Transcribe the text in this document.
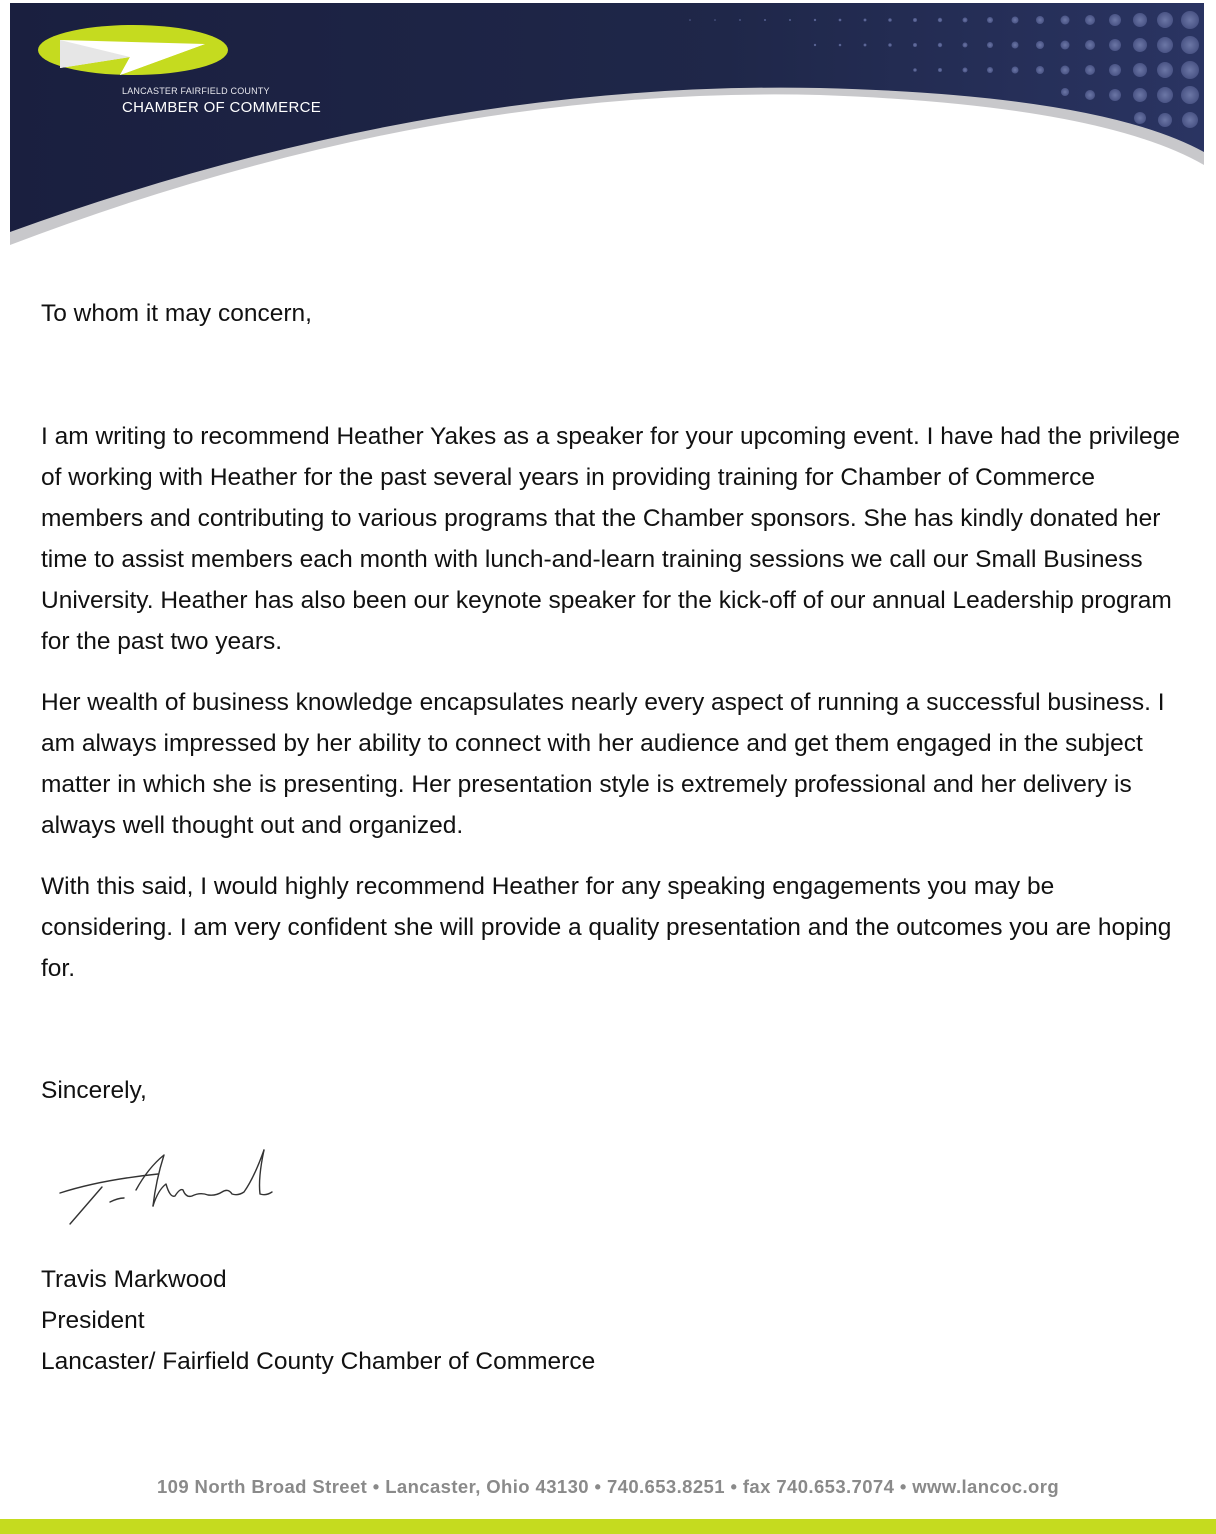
LANCASTER FAIRFIELD COUNTY
CHAMBER OF COMMERCE
To whom it may concern,

I am writing to recommend Heather Yakes as a speaker for your upcoming event. I have had the privilege of working with Heather for the past several years in providing training for Chamber of Commerce members and contributing to various programs that the Chamber sponsors. She has kindly donated her time to assist members each month with lunch-and-learn training sessions we call our Small Business University. Heather has also been our keynote speaker for the kick-off of our annual Leadership program for the past two years.

Her wealth of business knowledge encapsulates nearly every aspect of running a successful business. I am always impressed by her ability to connect with her audience and get them engaged in the subject matter in which she is presenting. Her presentation style is extremely professional and her delivery is always well thought out and organized.

With this said, I would highly recommend Heather for any speaking engagements you may be considering. I am very confident she will provide a quality presentation and the outcomes you are hoping for.

Sincerely,
Travis Markwood
President
Lancaster/ Fairfield County Chamber of Commerce
109 North Broad Street • Lancaster, Ohio 43130 • 740.653.8251 • fax 740.653.7074 • www.lancoc.org
